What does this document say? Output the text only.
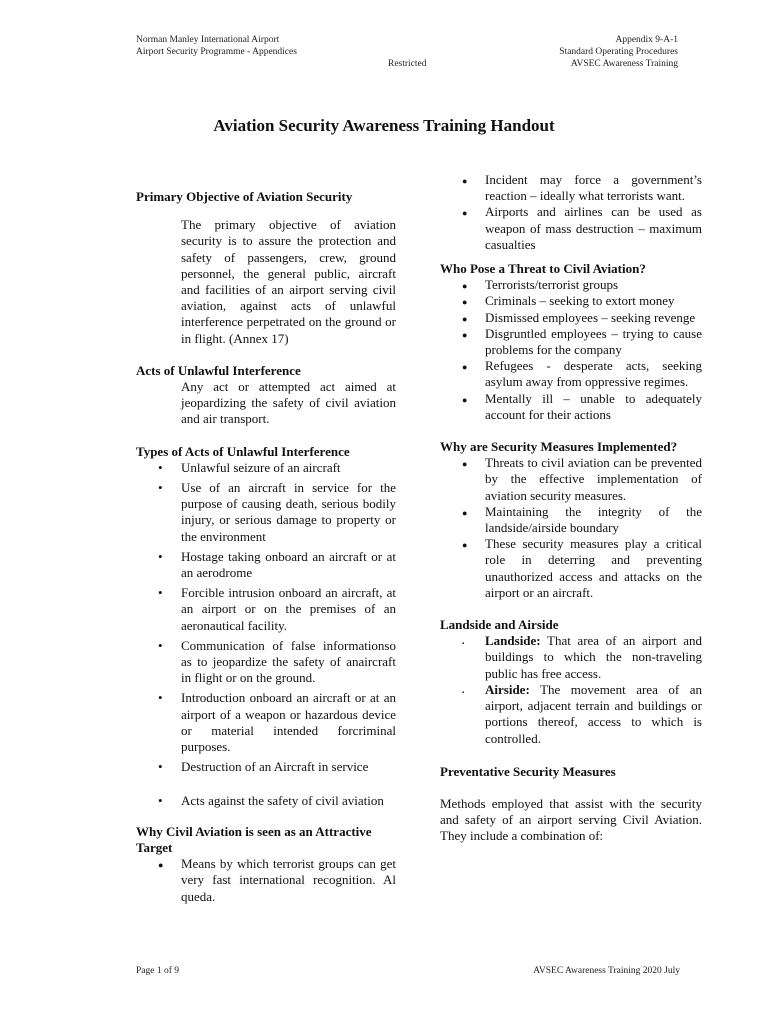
Norman Manley International Airport
Airport Security Programme - Appendices
Restricted
Appendix 9-A-1
Standard Operating Procedures
AVSEC Awareness Training
Aviation Security Awareness Training Handout
Primary Objective of Aviation Security

The primary objective of aviation security is to assure the protection and safety of passengers, crew, ground personnel, the general public, aircraft and facilities of an airport serving civil aviation, against acts of unlawful interference perpetrated on the ground or in flight. (Annex 17)

Acts of Unlawful Interference

Any act or attempted act aimed at jeopardizing the safety of civil aviation and air transport.

Types of Acts of Unlawful Interference
• Unlawful seizure of an aircraft
• Use of an aircraft in service for the purpose of causing death, serious bodily injury, or serious damage to property or the environment
• Hostage taking onboard an aircraft or at an aerodrome
• Forcible intrusion onboard an aircraft, at an airport or on the premises of an aeronautical facility.
• Communication of false informationso as to jeopardize the safety of anaircraft in flight or on the ground.
• Introduction onboard an aircraft or at an airport of a weapon or hazardous device or material intended forcriminal purposes.
• Destruction of an Aircraft in service
• Acts against the safety of civil aviation
Why Civil Aviation is seen as an Attractive Target
● Means by which terrorist groups can get very fast international recognition. Al queda.
● Incident may force a government’s reaction – ideally what terrorists want.
● Airports and airlines can be used as weapon of mass destruction – maximum casualties
Who Pose a Threat to Civil Aviation?
● Terrorists/terrorist groups
● Criminals – seeking to extort money
● Dismissed employees – seeking revenge
● Disgruntled employees – trying to cause problems for the company
● Refugees - desperate acts, seeking asylum away from oppressive regimes.
● Mentally ill – unable to adequately account for their actions
Why are Security Measures Implemented?
● Threats to civil aviation can be prevented by the effective implementation of aviation security measures.
● Maintaining the integrity of the landside/airside boundary
● These security measures play a critical role in deterring and preventing unauthorized access and attacks on the airport or an aircraft.
Landside and Airside
▪ Landside: That area of an airport and buildings to which the non-traveling public has free access.
▪ Airside: The movement area of an airport, adjacent terrain and buildings or portions thereof, access to which is controlled.
Preventative Security Measures

Methods employed that assist with the security and safety of an airport serving Civil Aviation. They include a combination of:

Page 1 of 9	AVSEC Awareness Training 2020 July
